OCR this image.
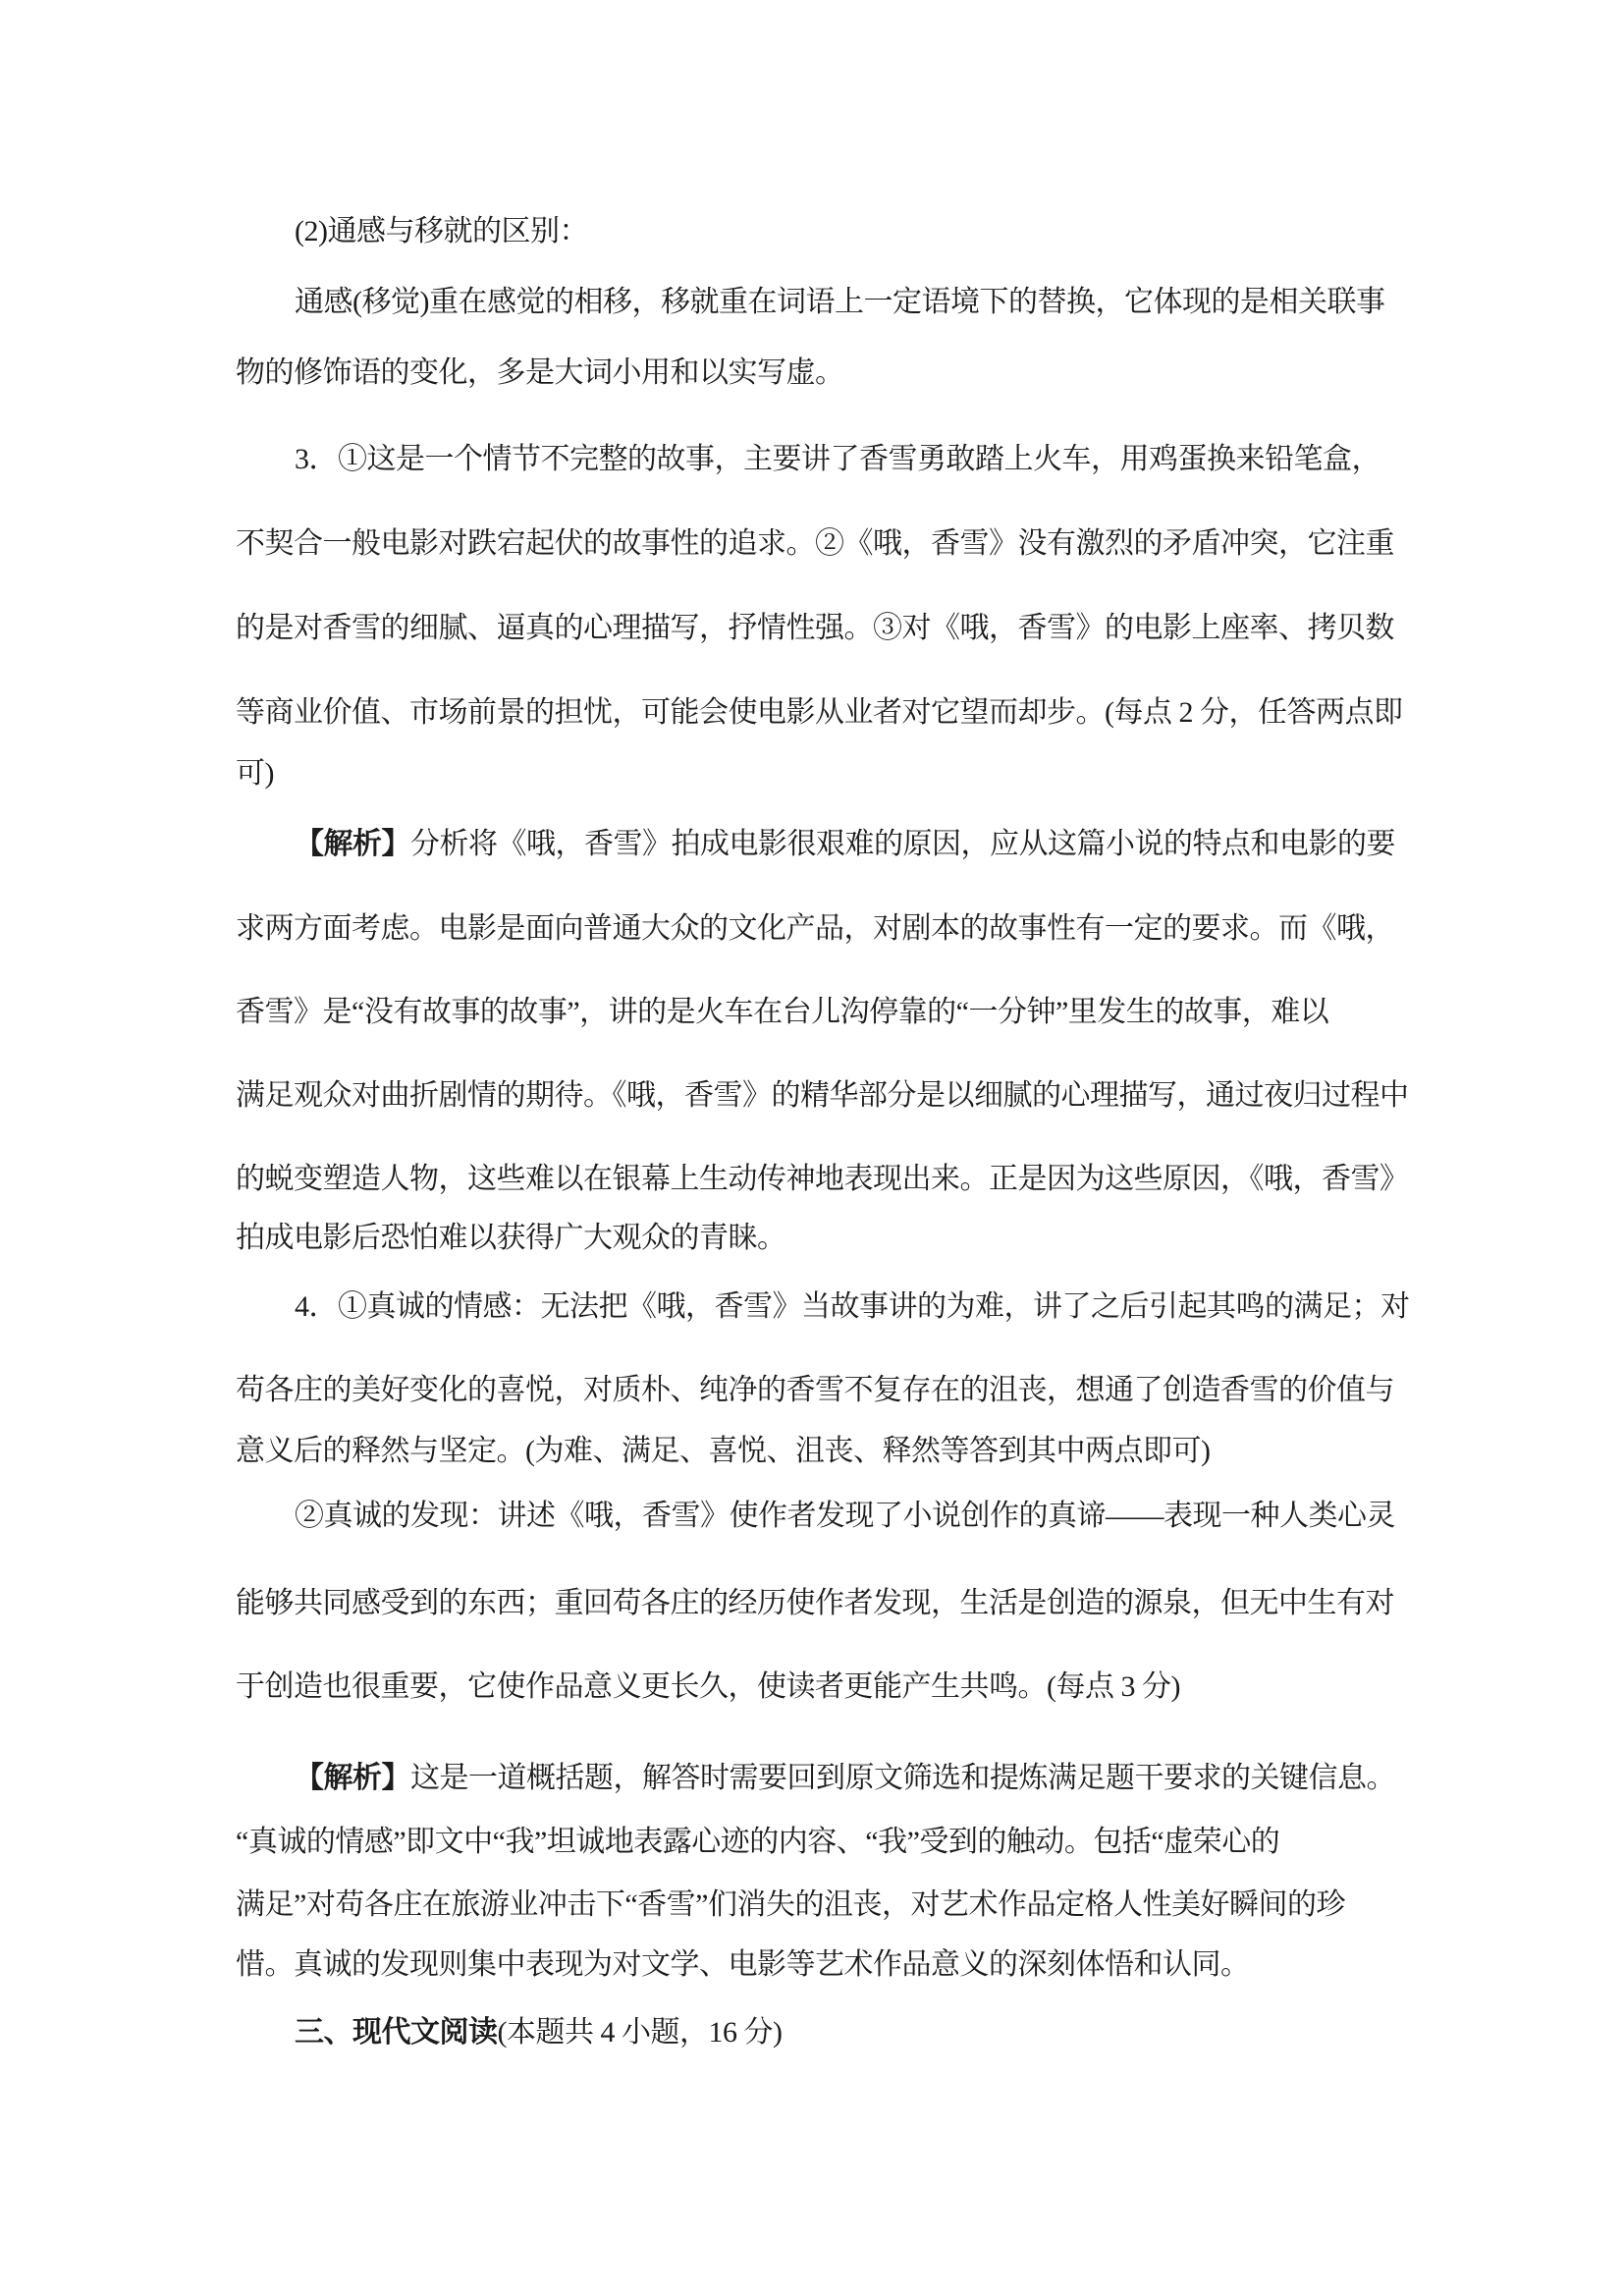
(2)通感与移就的区别：
通感(移觉)重在感觉的相移，移就重在词语上一定语境下的替换，它体现的是相关联事
物的修饰语的变化，多是大词小用和以实写虚。
3．①这是一个情节不完整的故事，主要讲了香雪勇敢踏上火车，用鸡蛋换来铅笔盒，
不契合一般电影对跌宕起伏的故事性的追求。②《哦，香雪》没有激烈的矛盾冲突，它注重
的是对香雪的细腻、逼真的心理描写，抒情性强。③对《哦，香雪》的电影上座率、拷贝数
等商业价值、市场前景的担忧，可能会使电影从业者对它望而却步。(每点 2 分，任答两点即
可)
【解析】分析将《哦，香雪》拍成电影很艰难的原因，应从这篇小说的特点和电影的要
求两方面考虑。电影是面向普通大众的文化产品，对剧本的故事性有一定的要求。而《哦，
香雪》是“没有故事的故事”，讲的是火车在台儿沟停靠的“一分钟”里发生的故事，难以
满足观众对曲折剧情的期待。《哦，香雪》的精华部分是以细腻的心理描写，通过夜归过程中
的蜕变塑造人物，这些难以在银幕上生动传神地表现出来。正是因为这些原因，《哦，香雪》
拍成电影后恐怕难以获得广大观众的青睐。
4．①真诚的情感：无法把《哦，香雪》当故事讲的为难，讲了之后引起其鸣的满足；对
苟各庄的美好变化的喜悦，对质朴、纯净的香雪不复存在的沮丧，想通了创造香雪的价值与
意义后的释然与坚定。(为难、满足、喜悦、沮丧、释然等答到其中两点即可)
②真诚的发现：讲述《哦，香雪》使作者发现了小说创作的真谛——表现一种人类心灵
能够共同感受到的东西；重回苟各庄的经历使作者发现，生活是创造的源泉，但无中生有对
于创造也很重要，它使作品意义更长久，使读者更能产生共鸣。(每点 3 分)
【解析】这是一道概括题，解答时需要回到原文筛选和提炼满足题干要求的关键信息。
“真诚的情感”即文中“我”坦诚地表露心迹的内容、“我”受到的触动。包括“虚荣心的
满足”对苟各庄在旅游业冲击下“香雪”们消失的沮丧，对艺术作品定格人性美好瞬间的珍
惜。真诚的发现则集中表现为对文学、电影等艺术作品意义的深刻体悟和认同。
三、现代文阅读(本题共 4 小题，16 分)
